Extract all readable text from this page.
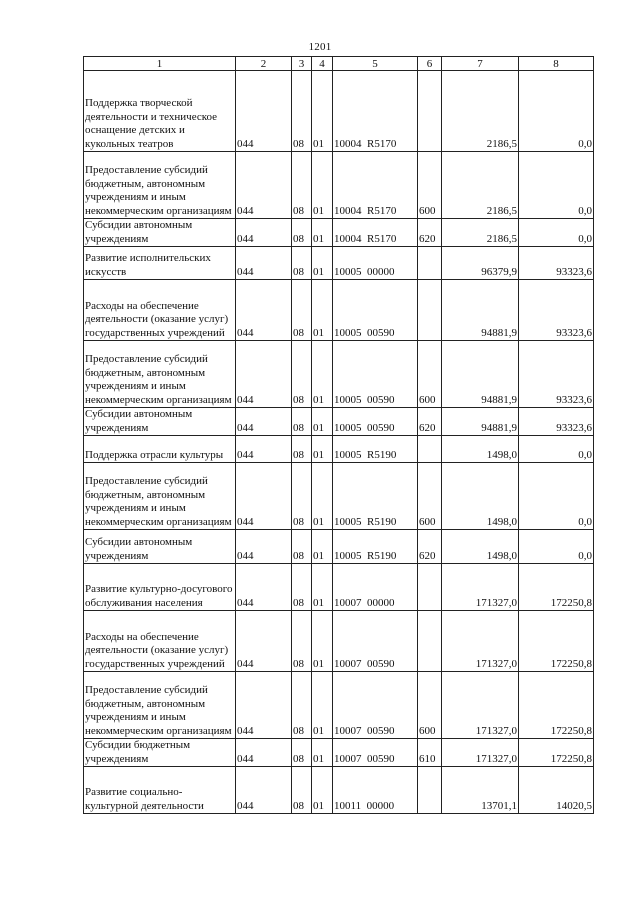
1201
1	2	3	4	5	6	7	8
Поддержка творческой деятельности и техническое оснащение детских и кукольных театров	044	08	01	10004  R5170		2186,5	0,0
Предоставление субсидий бюджетным, автономным учреждениям и иным некоммерческим организациям	044	08	01	10004  R5170	600	2186,5	0,0
Субсидии автономным учреждениям	044	08	01	10004  R5170	620	2186,5	0,0
Развитие исполнительских искусств	044	08	01	10005  00000		96379,9	93323,6
Расходы на обеспечение деятельности (оказание услуг) государственных учреждений	044	08	01	10005  00590		94881,9	93323,6
Предоставление субсидий бюджетным, автономным учреждениям и иным некоммерческим организациям	044	08	01	10005  00590	600	94881,9	93323,6
Субсидии автономным учреждениям	044	08	01	10005  00590	620	94881,9	93323,6
Поддержка отрасли культуры	044	08	01	10005  R5190		1498,0	0,0
Предоставление субсидий бюджетным, автономным учреждениям и иным некоммерческим организациям	044	08	01	10005  R5190	600	1498,0	0,0
Субсидии автономным учреждениям	044	08	01	10005  R5190	620	1498,0	0,0
Развитие культурно-досугового обслуживания населения	044	08	01	10007  00000		171327,0	172250,8
Расходы на обеспечение деятельности (оказание услуг) государственных учреждений	044	08	01	10007  00590		171327,0	172250,8
Предоставление субсидий бюджетным, автономным учреждениям и иным некоммерческим организациям	044	08	01	10007  00590	600	171327,0	172250,8
Субсидии бюджетным учреждениям	044	08	01	10007  00590	610	171327,0	172250,8
Развитие социально-культурной деятельности	044	08	01	10011  00000		13701,1	14020,5
